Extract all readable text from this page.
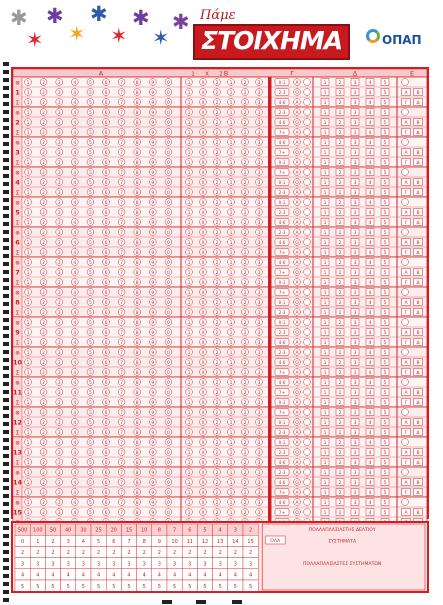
✱
✶
✱
✶
✱
✶
✱
✶
✱ Πάμε
ΣΤΟΙΧΗΜΑ	ΟΠΑΠ
Α	Β	Γ	Δ	Ε
1 Χ 2
⊗
1
Σ
1	2	3	4	5	6	7	8	9	0	1 Χ 2 1 2 3	0-1 Α	1	2	3	4	5
1	2	3	4	5	6	7	8	9	0	1 Χ 2 1 2 3	2-3 Ο	1	2	3	4	5	Α Β
1	2	3	4	5	6	7	8	9	0	1 Χ 2 1 2 3	4-6 Α	1	2	3	4	5	Γ Δ
⊗
2
Σ
1	2	3	4	5	6	7	8	9	0	1 Χ 2 1 2 3	2-3 Α	1	2	3	4	5
1	2	3	4	5	6	7	8	9	0	1 Χ 2 1 2 3	4-6 Ο	1	2	3	4	5	Α Β
1	2	3	4	5	6	7	8	9	0	1 Χ 2 1 2 3	7+ Α	1	2	3	4	5	Γ Δ
⊗
3
Σ
1	2	3	4	5	6	7	8	9	0	1 Χ 2 1 2 3	4-6 Α	1	2	3	4	5
1	2	3	4	5	6	7	8	9	0	1 Χ 2 1 2 3	7+ Ο	1	2	3	4	5	Α Β
1	2	3	4	5	6	7	8	9	0	1 Χ 2 1 2 3	0-1 Α	1	2	3	4	5	Γ Δ
⊗
4
Σ
1	2	3	4	5	6	7	8	9	0	1 Χ 2 1 2 3	7+ Α	1	2	3	4	5
1	2	3	4	5	6	7	8	9	0	1 Χ 2 1 2 3	0-1 Ο	1	2	3	4	5	Α Β
1	2	3	4	5	6	7	8	9	0	1 Χ 2 1 2 3	2-3 Α	1	2	3	4	5	Γ Δ
⊗
5
Σ
1	2	3	4	5	6	7	8	9	0	1 Χ 2 1 2 3	0-1 Α	1	2	3	4	5
1	2	3	4	5	6	7	8	9	0	1 Χ 2 1 2 3	2-3 Ο	1	2	3	4	5	Α Β
1	2	3	4	5	6	7	8	9	0	1 Χ 2 1 2 3	4-6 Α	1	2	3	4	5	Γ Δ
⊗
6
Σ
1	2	3	4	5	6	7	8	9	0	1 Χ 2 1 2 3	2-3 Α	1	2	3	4	5
1	2	3	4	5	6	7	8	9	0	1 Χ 2 1 2 3	4-6 Ο	1	2	3	4	5	Α Β
1	2	3	4	5	6	7	8	9	0	1 Χ 2 1 2 3	7+ Α	1	2	3	4	5	Γ Δ
⊗
7
Σ
1	2	3	4	5	6	7	8	9	0	1 Χ 2 1 2 3	4-6 Α	1	2	3	4	5
1	2	3	4	5	6	7	8	9	0	1 Χ 2 1 2 3	7+ Ο	1	2	3	4	5	Α Β
1	2	3	4	5	6	7	8	9	0	1 Χ 2 1 2 3	0-1 Α	1	2	3	4	5	Γ Δ
⊗
8
Σ
1	2	3	4	5	6	7	8	9	0	1 Χ 2 1 2 3	7+ Α	1	2	3	4	5
1	2	3	4	5	6	7	8	9	0	1 Χ 2 1 2 3	0-1 Ο	1	2	3	4	5	Α Β
1	2	3	4	5	6	7	8	9	0	1 Χ 2 1 2 3	2-3 Α	1	2	3	4	5	Γ Δ
⊗
9
Σ
1	2	3	4	5	6	7	8	9	0	1 Χ 2 1 2 3	0-1 Α	1	2	3	4	5
1	2	3	4	5	6	7	8	9	0	1 Χ 2 1 2 3	2-3 Ο	1	2	3	4	5	Α Β
1	2	3	4	5	6	7	8	9	0	1 Χ 2 1 2 3	4-6 Α	1	2	3	4	5	Γ Δ
⊗
10
Σ
1	2	3	4	5	6	7	8	9	0	1 Χ 2 1 2 3	2-3 Α	1	2	3	4	5
1	2	3	4	5	6	7	8	9	0	1 Χ 2 1 2 3	4-6 Ο	1	2	3	4	5	Α Β
1	2	3	4	5	6	7	8	9	0	1 Χ 2 1 2 3	7+ Α	1	2	3	4	5	Γ Δ
⊗
11
Σ
1	2	3	4	5	6	7	8	9	0	1 Χ 2 1 2 3	4-6 Α	1	2	3	4	5
1	2	3	4	5	6	7	8	9	0	1 Χ 2 1 2 3	7+ Ο	1	2	3	4	5	Α Β
1	2	3	4	5	6	7	8	9	0	1 Χ 2 1 2 3	0-1 Α	1	2	3	4	5	Γ Δ
⊗
12
Σ
1	2	3	4	5	6	7	8	9	0	1 Χ 2 1 2 3	7+ Α	1	2	3	4	5
1	2	3	4	5	6	7	8	9	0	1 Χ 2 1 2 3	0-1 Ο	1	2	3	4	5	Α Β
1	2	3	4	5	6	7	8	9	0	1 Χ 2 1 2 3	2-3 Α	1	2	3	4	5	Γ Δ
⊗
13
Σ
1	2	3	4	5	6	7	8	9	0	1 Χ 2 1 2 3	0-1 Α	1	2	3	4	5
1	2	3	4	5	6	7	8	9	0	1 Χ 2 1 2 3	2-3 Ο	1	2	3	4	5	Α Β
1	2	3	4	5	6	7	8	9	0	1 Χ 2 1 2 3	4-6 Α	1	2	3	4	5	Γ Δ
⊗
14
Σ
1	2	3	4	5	6	7	8	9	0	1 Χ 2 1 2 3	2-3 Α	1	2	3	4	5
1	2	3	4	5	6	7	8	9	0	1 Χ 2 1 2 3	4-6 Ο	1	2	3	4	5	Α Β
1	2	3	4	5	6	7	8	9	0	1 Χ 2 1 2 3	7+ Α	1	2	3	4	5	Γ Δ
⊗
15
1	2	3	4	5	6	7	8	9	0	1 Χ 2 1 2 3	4-6 Α	1	2	3	4	5
1	2	3	4	5	6	7	8	9	0	1 Χ 2 1 2 3	7+ Ο	1	2	3	4	5	Α Β
500 100 50 40 30 25 20 15 10 8 7 6 5 4 3 2
0 1 2 3 4 5 6 7 8 9 10 11 12 13 14 15
2 2 2 2 2 2 2 2 2 2 2 2 2 2 2 2
3 3 3 3 3 3 3 3 3 3 3 3 3 3 3 3
4 4 4 4 4 4 4 4 4 4 4 4 4 4 4 4
5 5 5 5 5 5 5 5 5 5 5 5 5 5 5 5
ΠΟΛΛΑΠΛΑΣΙΑΣΤΗΣ ΔΕΛΤΙΟΥ
ΟΛΑ	ΣΥΣΤΗΜΑΤΑ
ΠΟΛΛΑΠΛΑΣΙΑΣΤΕΣ ΣΥΣΤΗΜΑΤΩΝ
